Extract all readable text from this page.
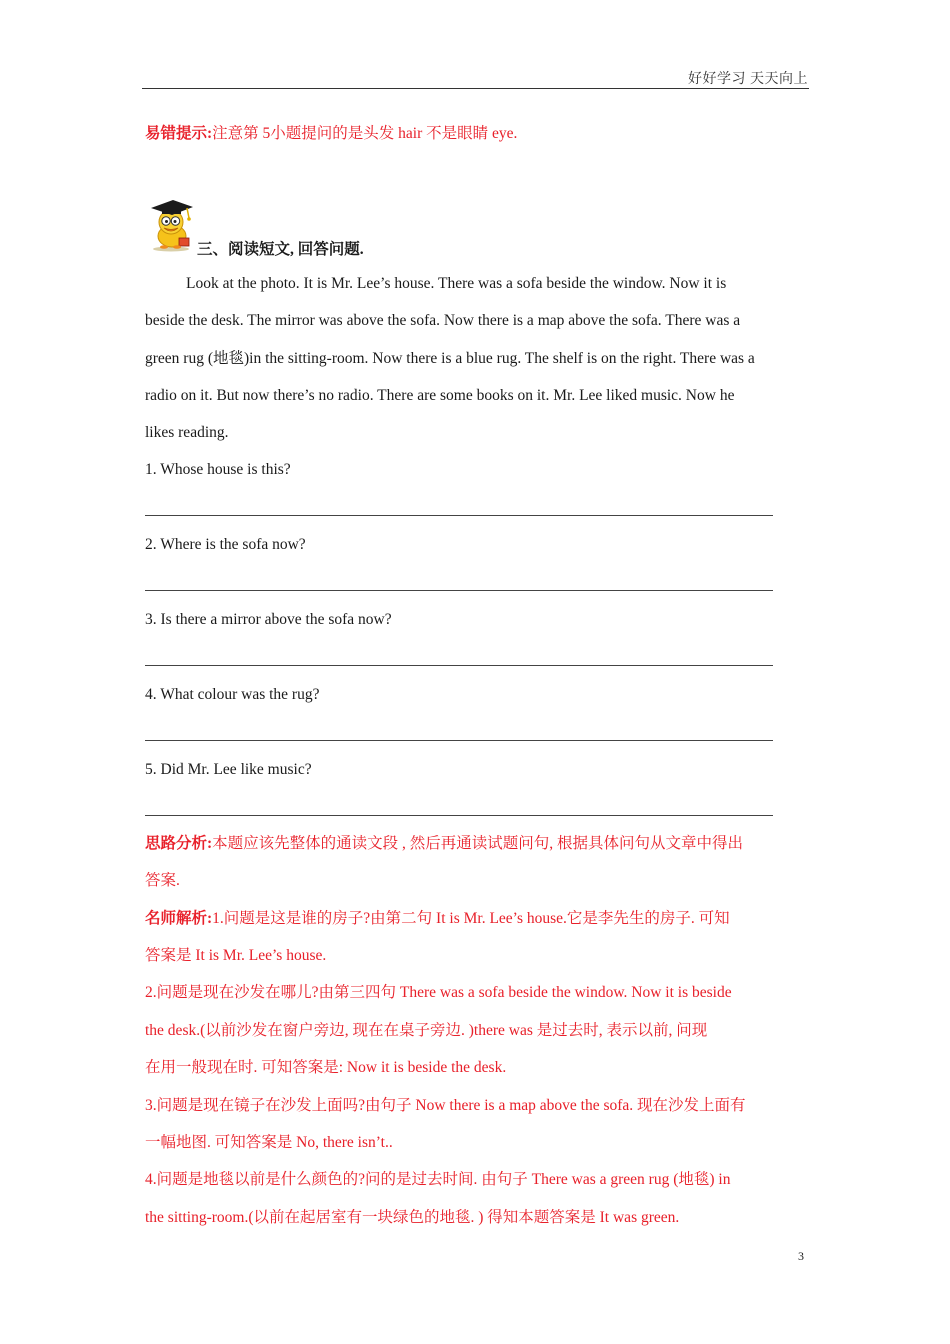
好好学习 天天向上
易错提示:注意第 5小题提问的是头发 hair 不是眼睛 eye.
三、阅读短文, 回答问题.
Look at the photo. It is Mr. Lee’s house. There was a sofa beside the window. Now it is
beside the desk. The mirror was above the sofa. Now there is a map above the sofa. There was a
green rug (地毯)in the sitting-room. Now there is a blue rug. The shelf is on the right. There was a
radio on it. But now there’s no radio. There are some books on it. Mr. Lee liked music. Now he
likes reading.
1. Whose house is this?
2. Where is the sofa now?
3. Is there a mirror above the sofa now?
4. What colour was the rug?
5. Did Mr. Lee like music?
思路分析:本题应该先整体的通读文段 , 然后再通读试题问句, 根据具体问句从文章中得出
答案.
名师解析:1.问题是这是谁的房子?由第二句 It is Mr. Lee’s house.它是李先生的房子. 可知
答案是 It is Mr. Lee’s house.
2.问题是现在沙发在哪儿?由第三四句 There was a sofa beside the window. Now it is beside
the desk.(以前沙发在窗户旁边, 现在在桌子旁边. )there was 是过去时, 表示以前, 问现
在用一般现在时. 可知答案是: Now it is beside the desk.
3.问题是现在镜子在沙发上面吗?由句子 Now there is a map above the sofa. 现在沙发上面有
一幅地图. 可知答案是 No, there isn’t..
4.问题是地毯以前是什么颜色的?问的是过去时间. 由句子 There was a green rug (地毯) in
the sitting-room.(以前在起居室有一块绿色的地毯. ) 得知本题答案是 It was green.
3
